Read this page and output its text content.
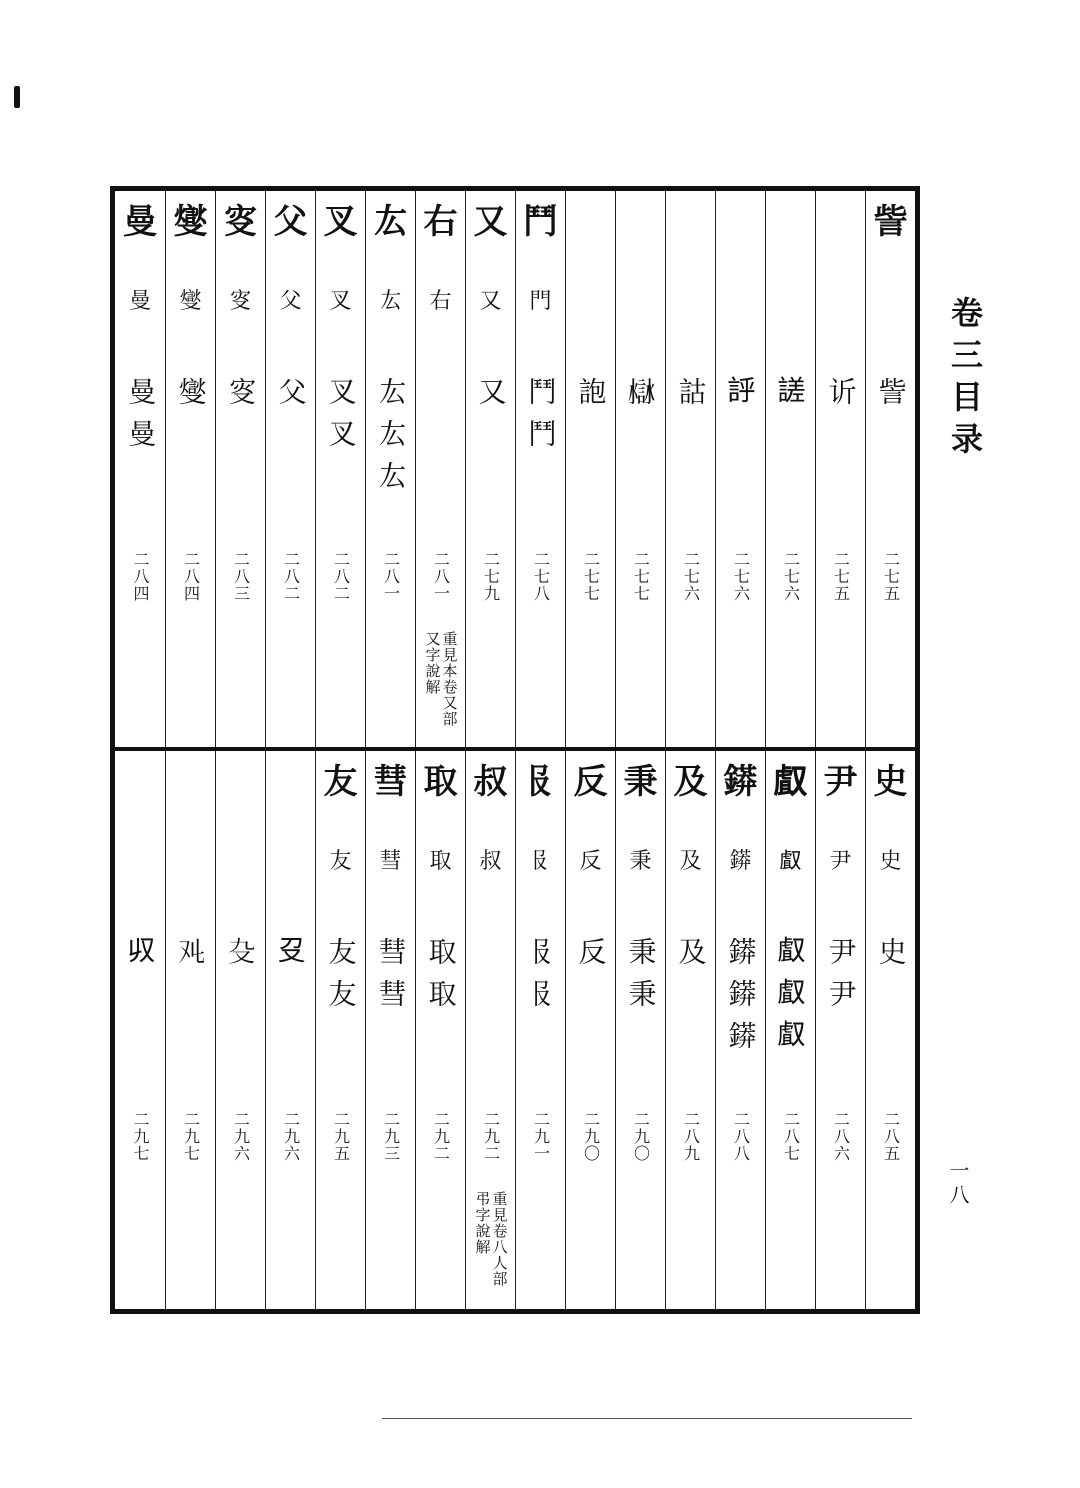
卷三目录
一八
訾
訾
二七五
䜣
二七五
𧪘
二七六
𧦝
二七六
詁
二七六
𧩁
二七七
䛌
二七七
鬥
門
鬥鬥
二七八
又
又
又
二七九
右
右
二八一
重見本卷又部又字說解
厷
厷
厷厷厷
二八一
叉
叉
叉叉
二八二
父
父
父
二八二
叜
叜
叜
二八三
燮
燮
燮
二八四
曼
曼
曼曼
二八四
史
史
史
二八五
尹
尹
尹尹
二八六
𠭯
𠭯
𠭯𠭯𠭯
二八七
䥈
䥈
䥈䥈䥈
二八八
及
及
及
二八九
秉
秉
秉秉
二九〇
反
反
反
二九〇
𠬝
𠬝
𠬝𠬝
二九一
叔
叔
二九二
重見卷八人部弔字說解
取
取
取取
二九二
彗
彗
彗彗
二九三
友
友
友友
二九五
𠬛
二九六
𠬚
二九六
𠬜
二九七
𠬞
二九七
